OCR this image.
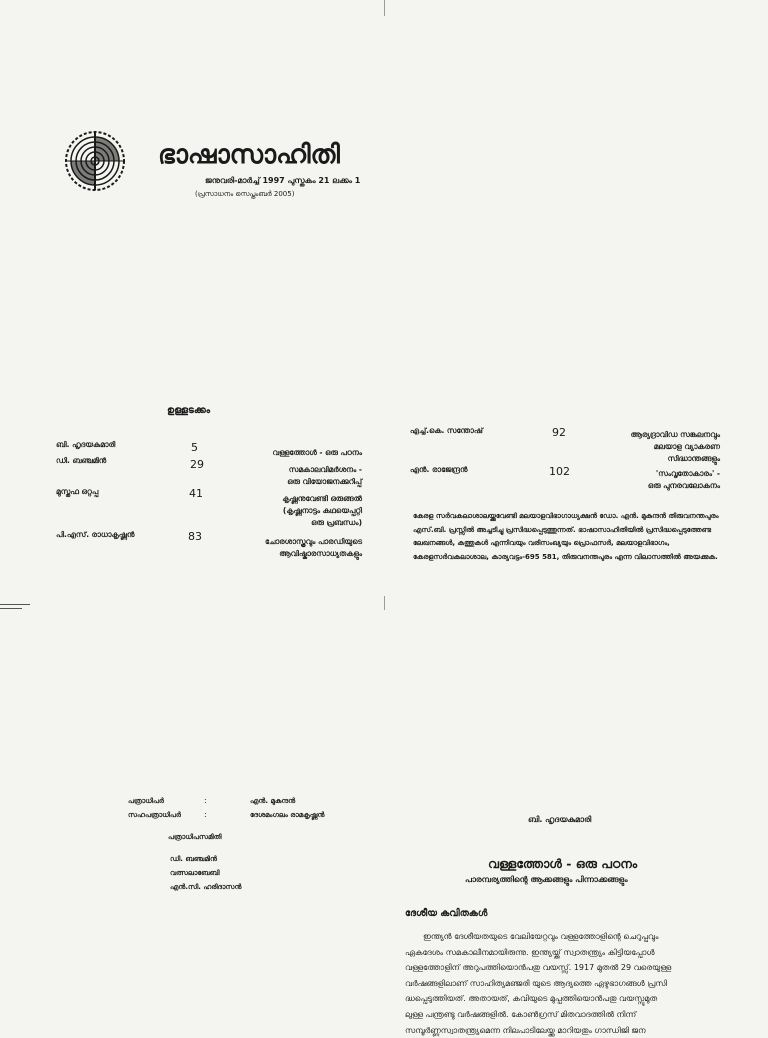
ഭാഷാസാഹിതി
ജനുവരി-മാർച്ച് 1997 പുസ്തകം 21 ലക്കം 1
(പ്രസാധനം സെപ്തംബർ 2005)
ഉള്ളടക്കം
ബി. ഹൃദയകുമാരി	5	വള്ളത്തോൾ - ഒരു പഠനം
ഡി. ബഞ്ചമിൻ	29	സമകാലവിമർശനം -
ഒരു വിയോജനക്കുറിപ്പ്
മുസ്തഫ ഒറ്റപ്പ	41	കൃഷ്ണനുവേണ്ടി ഒരുങ്ങൽ
(കൃഷ്ണനാട്ടം കഥയെപ്പറ്റി
ഒരു പ്രബന്ധം)
പി.എസ്. രാധാകൃഷ്ണൻ	83	ചോരശാസ്ത്രവും പാരഡിയുടെ
ആവിഷ്കാരസാധ്യതകളും
എച്ച്.കെ. സന്തോഷ്	92	ആര്യദ്രാവിഡ സങ്കലനവും
മലയാള വ്യാകരണ
സിദ്ധാന്തങ്ങളും
എൻ. രാജേന്ദ്രൻ	102	'സംവൃതോകാരം' -
ഒരു പുനരവലോകനം
കേരള സർവകലാശാലയ്ക്കുവേണ്ടി മലയാളവിഭാഗാധ്യക്ഷൻ ഡോ. എൻ. മുകുന്ദൻ തിരുവനന്തപുരം എസ്.ബി. പ്രസ്സിൽ അച്ചടിച്ചു പ്രസിദ്ധപ്പെടുത്തുന്നത്. ഭാഷാസാഹിതിയിൽ പ്രസിദ്ധപ്പെടുത്തേണ്ട ലേഖനങ്ങൾ, കത്തുകൾ എന്നിവയും വരിസംഖ്യയും പ്രൊഫസർ, മലയാളവിഭാഗം, കേരളസർവകലാശാല, കാര്യവട്ടം-695 581, തിരുവനന്തപുരം എന്ന വിലാസത്തിൽ അയക്കുക.
പത്രാധിപർ	:	എൻ. മുകുന്ദൻ
സഹപത്രാധിപർ	:	ദേശമംഗലം രാമകൃഷ്ണൻ
പത്രാധിപസമിതി
ഡി. ബഞ്ചമിൻ
വത്സലാബേബി
എൻ.സി. ഹരിദാസൻ
ബി. ഹൃദയകുമാരി
വള്ളത്തോൾ - ഒരു പഠനം
പാരമ്പര്യത്തിന്റെ ആക്കങ്ങളും പിന്നാക്കങ്ങളും
ദേശീയ കവിതകൾ
ഇന്ത്യൻ ദേശീയതയുടെ വേലിയേറ്റവും വള്ളത്തോളിന്റെ ചെറുപ്പവും
ഏകദേശം സമകാലീനമായിരുന്നു. ഇന്ത്യയ്ക്ക് സ്വാതന്ത്ര്യം കിട്ടിയപ്പോൾ
വള്ളത്തോളിന് അറുപത്തിയൊൻപതു വയസ്സ്. 1917 മുതൽ 29 വരെയുള്ള
വർഷങ്ങളിലാണ് സാഹിത്യമഞ്ജരി യുടെ ആദ്യത്തെ ഏഴുഭാഗങ്ങൾ പ്രസി
ദ്ധപ്പെടുത്തിയത്. അതായത്, കവിയുടെ മുപ്പത്തിയൊൻപതു വയസ്സുമുത
ലുള്ള പന്ത്രണ്ടു വർഷങ്ങളിൽ. കോൺഗ്രസ് മിതവാദത്തിൽ നിന്ന്
സമ്പൂർണ്ണസ്വാതന്ത്ര്യമെന്ന നിലപാടിലേയ്ക്കു മാറിയതും ഗാന്ധിജി ജന
